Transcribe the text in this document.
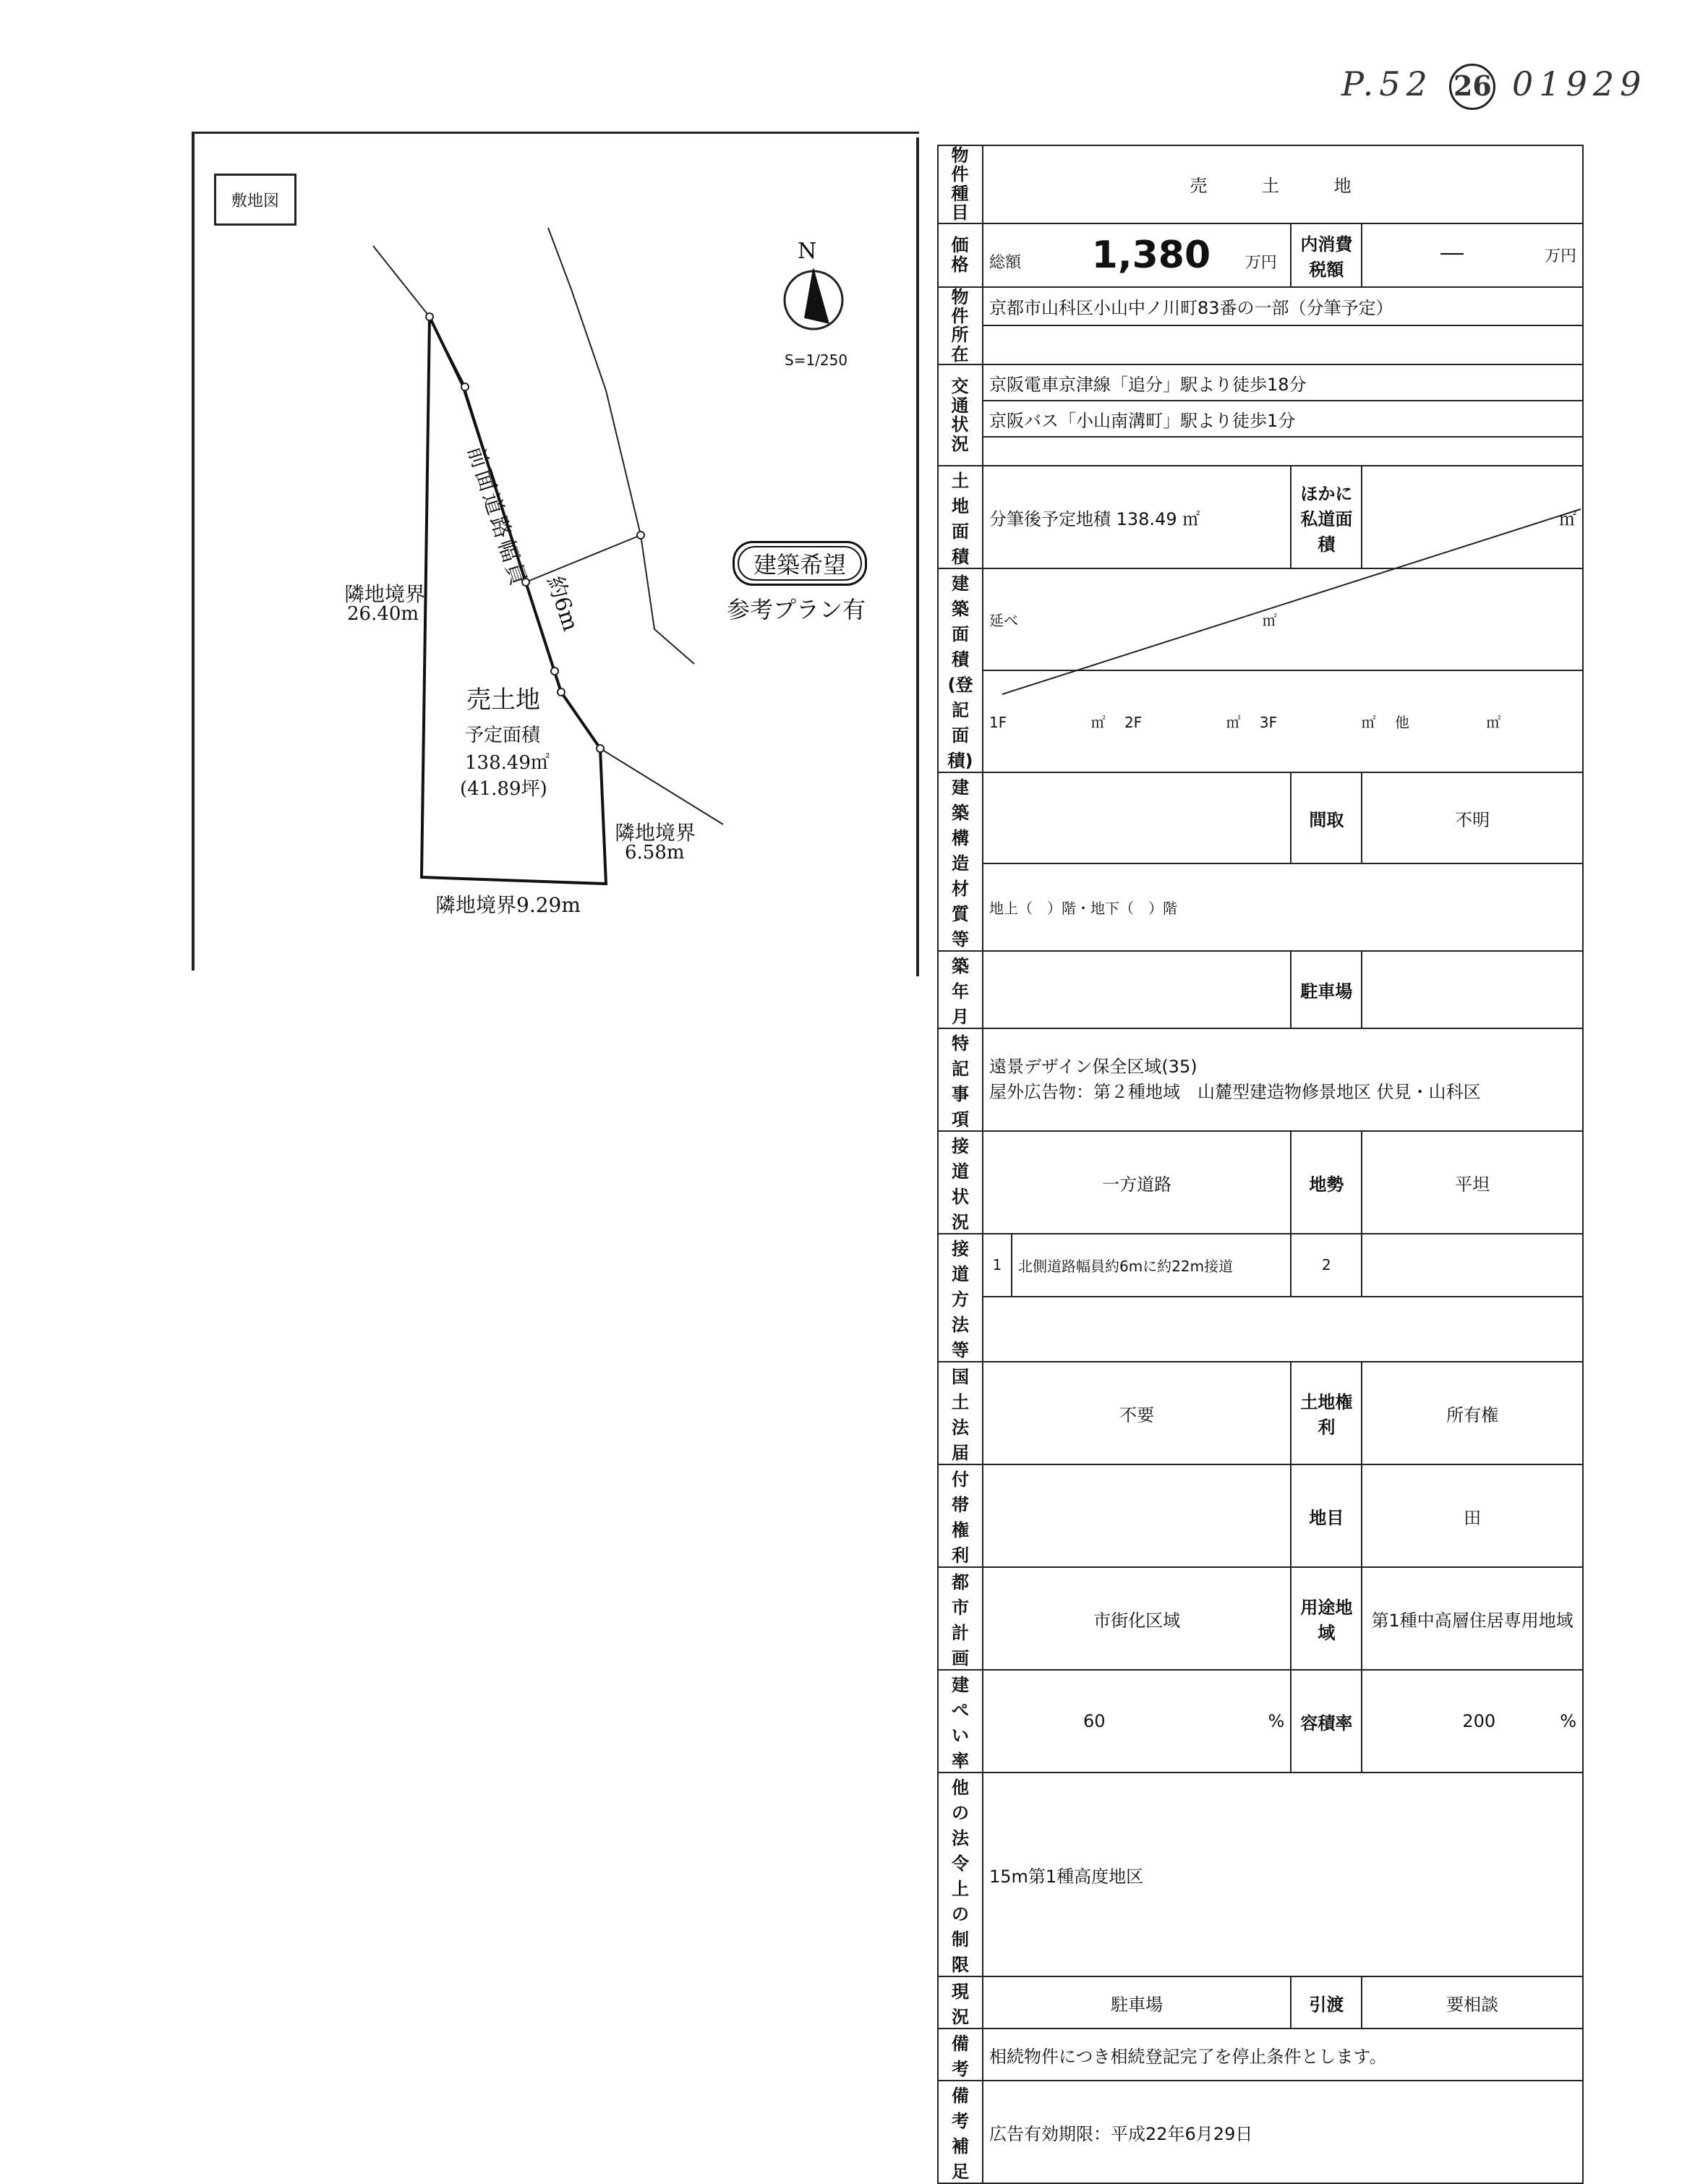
P.52 26 01929
敷地図
N
S=1/250
前面道路幅員
約6m
隣地境界
26.40m
隣地境界
6.58m
隣地境界9.29m
売土地
予定面積
138.49㎡
(41.89坪)
建築希望
参考プラン有
物件種目	売 土 地			
価格	総額 1,380 万円		内消費税額	── 万円

物件所在	京都市山科区小山中ノ川町83番の一部（分筆予定）			

交通状況	京阪電車京津線「追分」駅より徒歩18分			
	京阪バス「小山南溝町」駅より徒歩1分			

土地面積	分筆後予定地積 138.49 ㎡		ほかに私道面積	㎡
建築面積(登記面積)	延べ ㎡			
	1F ㎡ 2F ㎡ 3F ㎡ 他 ㎡			
建築構造材質等			間取	不明
	地上（　）階・地下（　）階			
築年月			駐車場	
特記事項	遠景デザイン保全区域(35)
屋外広告物：第２種地域　山麓型建造物修景地区 伏見・山科区			

接道状況	一方道路		地勢	平坦
接道方法等	1	北側道路幅員約6mに約22m接道	2	

国土法届	不要		土地権利	所有権
付帯権利			地目	田
都市計画	市街化区域		用途地域	第1種中高層住居専用地域
建ぺい率	60 %		容積率	200 %

他の法令上の制限	15m第1種高度地区			
現況	駐車場		引渡	要相談
備考	相続物件につき相続登記完了を停止条件とします。			
備考補足	広告有効期限：平成22年6月29日			
